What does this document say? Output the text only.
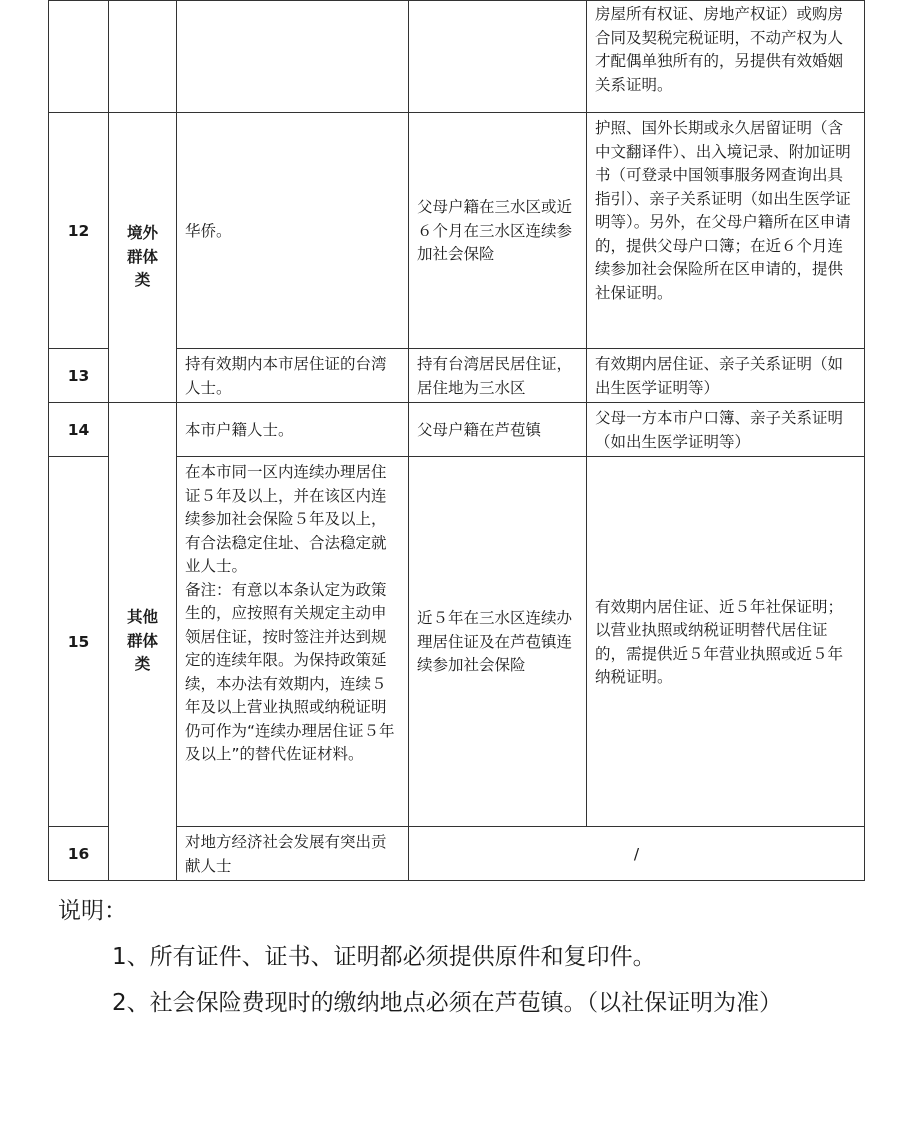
				房屋所有权证、房地产权证）或购房合同及契税完税证明，不动产权为人才配偶单独所有的，另提供有效婚姻关系证明。
12	境外群体类	华侨。	父母户籍在三水区或近６个月在三水区连续参加社会保险	护照、国外长期或永久居留证明（含中文翻译件）、出入境记录、附加证明书（可登录中国领事服务网查询出具指引）、亲子关系证明（如出生医学证明等）。另外，在父母户籍所在区申请的，提供父母户口簿；在近６个月连续参加社会保险所在区申请的，提供社保证明。
13		持有效期内本市居住证的台湾人士。	持有台湾居民居住证，居住地为三水区	有效期内居住证、亲子关系证明（如出生医学证明等）
14	其他群体类	本市户籍人士。	父母户籍在芦苞镇	父母一方本市户口簿、亲子关系证明（如出生医学证明等）
15		在本市同一区内连续办理居住证５年及以上，并在该区内连续参加社会保险５年及以上，有合法稳定住址、合法稳定就业人士。
备注：有意以本条认定为政策生的，应按照有关规定主动申领居住证，按时签注并达到规定的连续年限。为保持政策延续，本办法有效期内，连续５年及以上营业执照或纳税证明仍可作为“连续办理居住证５年及以上”的替代佐证材料。	近５年在三水区连续办理居住证及在芦苞镇连续参加社会保险	有效期内居住证、近５年社保证明；以营业执照或纳税证明替代居住证的，需提供近５年营业执照或近５年纳税证明。
16		对地方经济社会发展有突出贡献人士	/	

说明：

1、所有证件、证书、证明都必须提供原件和复印件。

2、社会保险费现时的缴纳地点必须在芦苞镇。（以社保证明为准）
